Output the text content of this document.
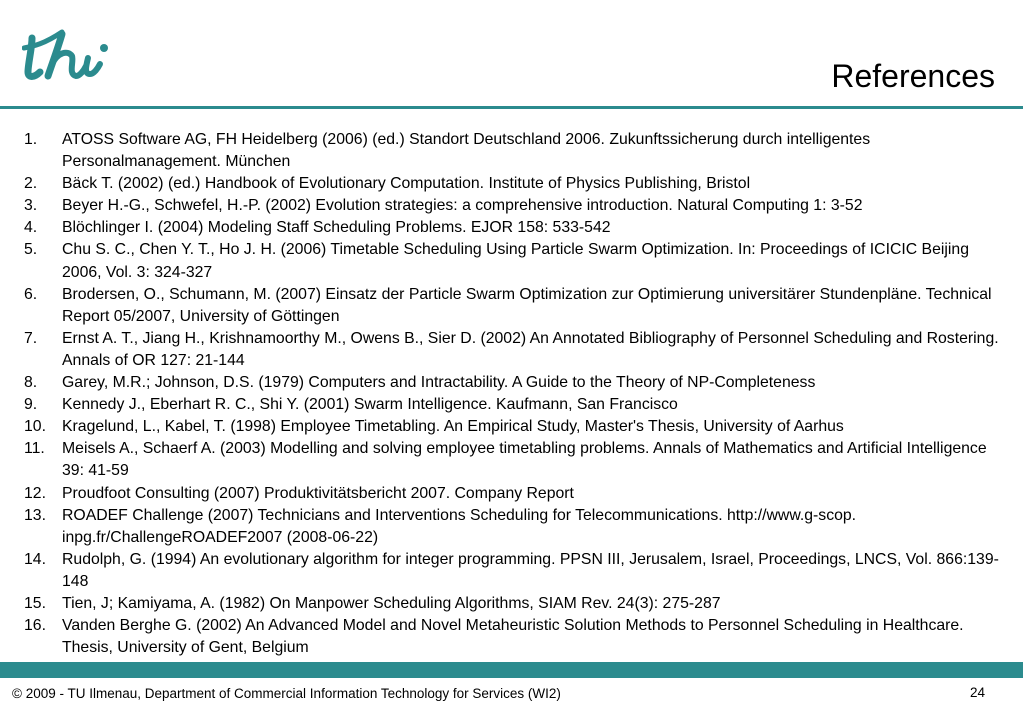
References
1.	ATOSS Software AG, FH Heidelberg (2006) (ed.) Standort Deutschland 2006. Zukunftssicherung durch intelligentes Personalmanagement. München
2.	Bäck T. (2002) (ed.) Handbook of Evolutionary Computation. Institute of Physics Publishing, Bristol
3.	Beyer H.-G., Schwefel, H.-P. (2002) Evolution strategies: a comprehensive introduction. Natural Computing 1: 3-52
4.	Blöchlinger I. (2004) Modeling Staff Scheduling Problems. EJOR 158: 533-542
5.	Chu S. C., Chen Y. T., Ho J. H. (2006) Timetable Scheduling Using Particle Swarm Optimization. In: Proceedings of ICICIC Beijing 2006, Vol. 3: 324-327
6.	Brodersen, O., Schumann, M. (2007) Einsatz der Particle Swarm Optimization zur Optimierung universitärer Stundenpläne. Technical Report 05/2007, University of Göttingen
7.	Ernst A. T., Jiang H., Krishnamoorthy M., Owens B., Sier D. (2002) An Annotated Bibliography of Personnel Scheduling and Rostering. Annals of OR 127: 21-144
8.	Garey, M.R.; Johnson, D.S. (1979) Computers and Intractability. A Guide to the Theory of NP-Completeness
9.	Kennedy J., Eberhart R. C., Shi Y. (2001) Swarm Intelligence. Kaufmann, San Francisco
10.	Kragelund, L., Kabel, T. (1998) Employee Timetabling. An Empirical Study, Master's Thesis, University of Aarhus
11.	Meisels A., Schaerf A. (2003) Modelling and solving employee timetabling problems. Annals of Mathematics and Artificial Intelligence 39: 41-59
12.	Proudfoot Consulting (2007) Produktivitätsbericht 2007. Company Report
13.	ROADEF Challenge (2007) Technicians and Interventions Scheduling for Telecommunications. http://www.g-scop. inpg.fr/ChallengeROADEF2007 (2008-06-22)
14.	Rudolph, G. (1994) An evolutionary algorithm for integer programming. PPSN III, Jerusalem, Israel, Proceedings, LNCS, Vol. 866:139-148
15.	Tien, J; Kamiyama, A. (1982) On Manpower Scheduling Algorithms, SIAM Rev. 24(3): 275-287
16.	Vanden Berghe G. (2002) An Advanced Model and Novel Metaheuristic Solution Methods to Personnel Scheduling in Healthcare. Thesis, University of Gent, Belgium
© 2009 - TU Ilmenau, Department of Commercial Information Technology for Services (WI2)	24
